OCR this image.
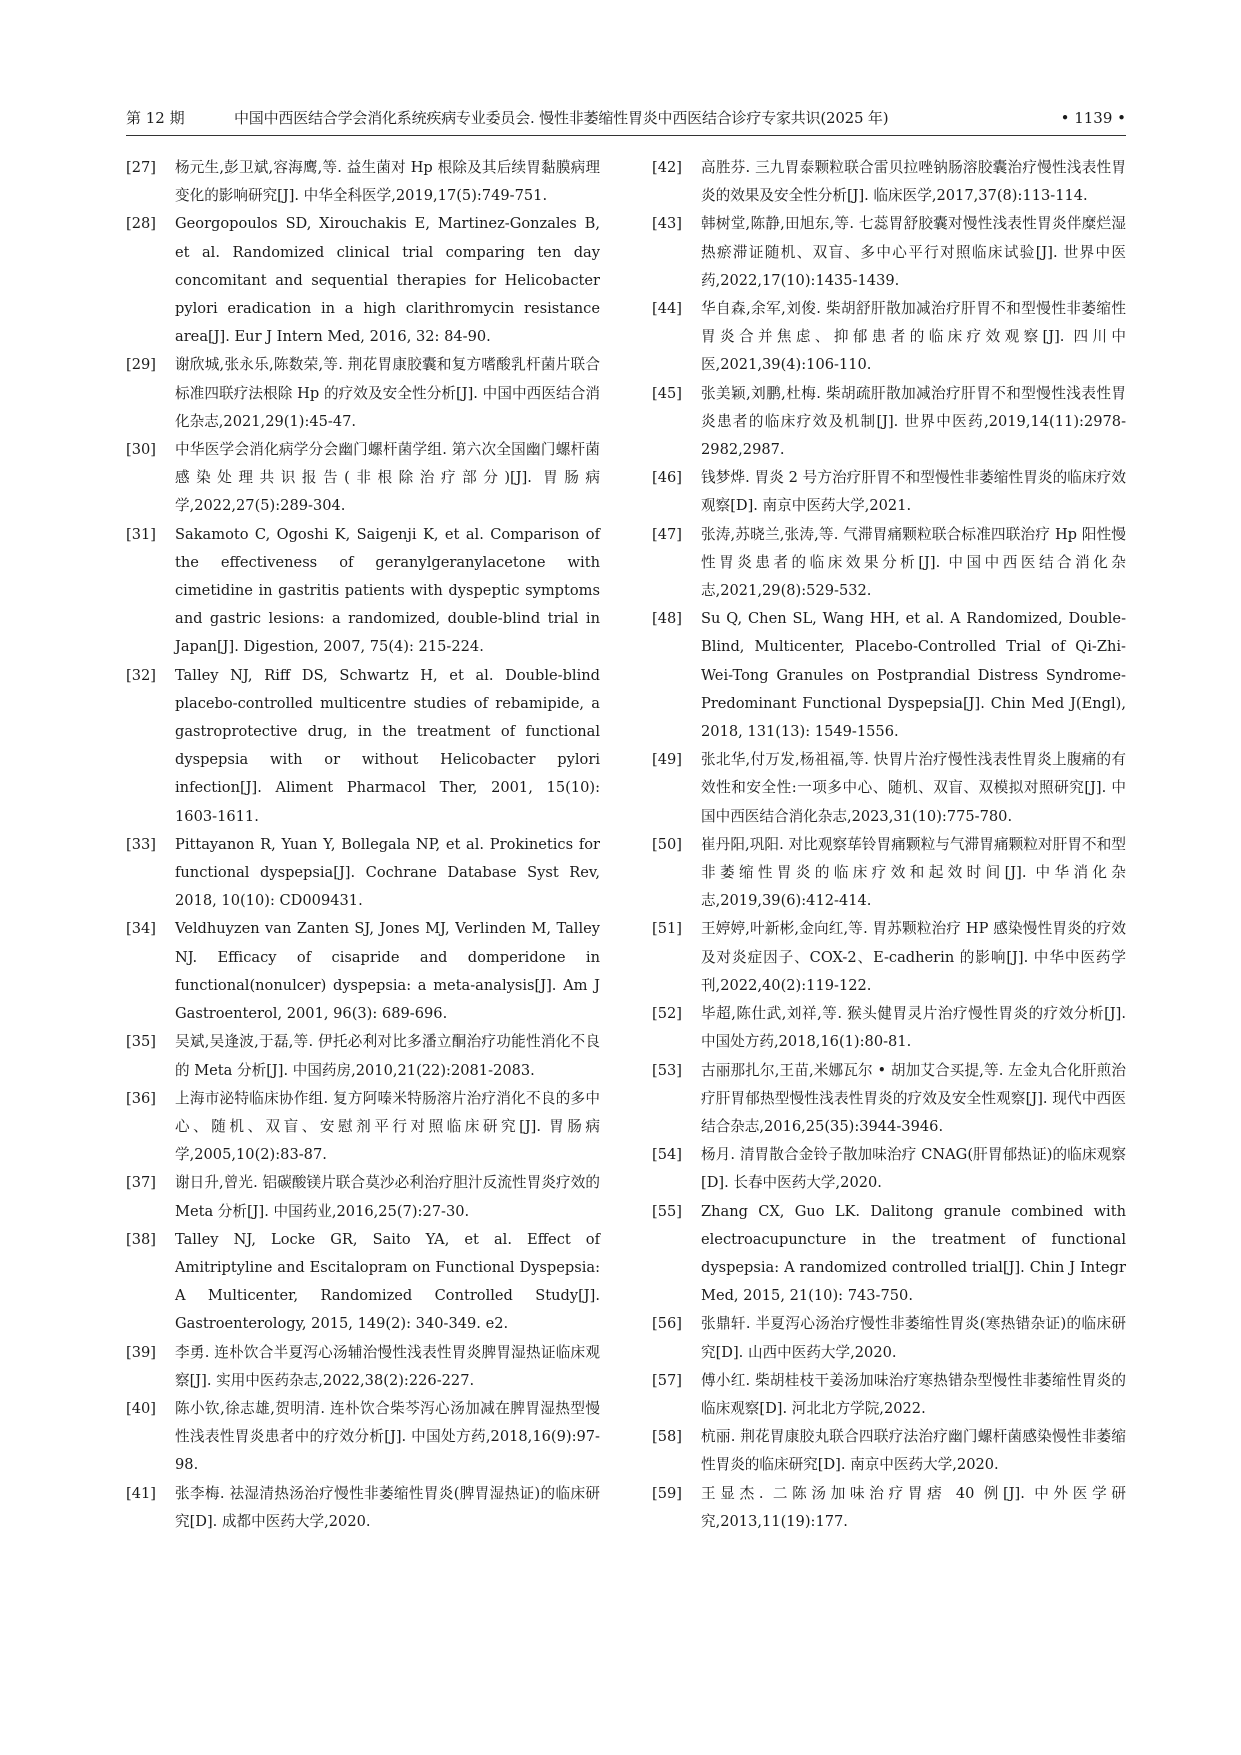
第 12 期	中国中西医结合学会消化系统疾病专业委员会. 慢性非萎缩性胃炎中西医结合诊疗专家共识(2025 年)	• 1139 •
[27] 杨元生,彭卫斌,容海鹰,等. 益生菌对 Hp 根除及其后续胃黏膜病理变化的影响研究[J]. 中华全科医学,2019,17(5):749-751.
[28] Georgopoulos SD, Xirouchakis E, Martinez-Gonzales B, et al. Randomized clinical trial comparing ten day concomitant and sequential therapies for Helicobacter pylori eradication in a high clarithromycin resistance area[J]. Eur J Intern Med, 2016, 32: 84-90.
[29] 谢欣城,张永乐,陈数荣,等. 荆花胃康胶囊和复方嗜酸乳杆菌片联合标准四联疗法根除 Hp 的疗效及安全性分析[J]. 中国中西医结合消化杂志,2021,29(1):45-47.
[30] 中华医学会消化病学分会幽门螺杆菌学组. 第六次全国幽门螺杆菌感染处理共识报告(非根除治疗部分)[J]. 胃肠病学,2022,27(5):289-304.
[31] Sakamoto C, Ogoshi K, Saigenji K, et al. Comparison of the effectiveness of geranylgeranylacetone with cimetidine in gastritis patients with dyspeptic symptoms and gastric lesions: a randomized, double-blind trial in Japan[J]. Digestion, 2007, 75(4): 215-224.
[32] Talley NJ, Riff DS, Schwartz H, et al. Double-blind placebo-controlled multicentre studies of rebamipide, a gastroprotective drug, in the treatment of functional dyspepsia with or without Helicobacter pylori infection[J]. Aliment Pharmacol Ther, 2001, 15(10): 1603-1611.
[33] Pittayanon R, Yuan Y, Bollegala NP, et al. Prokinetics for functional dyspepsia[J]. Cochrane Database Syst Rev, 2018, 10(10): CD009431.
[34] Veldhuyzen van Zanten SJ, Jones MJ, Verlinden M, Talley NJ. Efficacy of cisapride and domperidone in functional(nonulcer) dyspepsia: a meta-analysis[J]. Am J Gastroenterol, 2001, 96(3): 689-696.
[35] 吴斌,吴逢波,于磊,等. 伊托必利对比多潘立酮治疗功能性消化不良的 Meta 分析[J]. 中国药房,2010,21(22):2081-2083.
[36] 上海市泌特临床协作组. 复方阿嗪米特肠溶片治疗消化不良的多中心、随机、双盲、安慰剂平行对照临床研究[J]. 胃肠病学,2005,10(2):83-87.
[37] 谢日升,曾光. 铝碳酸镁片联合莫沙必利治疗胆汁反流性胃炎疗效的 Meta 分析[J]. 中国药业,2016,25(7):27-30.
[38] Talley NJ, Locke GR, Saito YA, et al. Effect of Amitriptyline and Escitalopram on Functional Dyspepsia: A Multicenter, Randomized Controlled Study[J]. Gastroenterology, 2015, 149(2): 340-349. e2.
[39] 李勇. 连朴饮合半夏泻心汤辅治慢性浅表性胃炎脾胃湿热证临床观察[J]. 实用中医药杂志,2022,38(2):226-227.
[40] 陈小钦,徐志雄,贺明清. 连朴饮合柴芩泻心汤加减在脾胃湿热型慢性浅表性胃炎患者中的疗效分析[J]. 中国处方药,2018,16(9):97-98.
[41] 张李梅. 祛湿清热汤治疗慢性非萎缩性胃炎(脾胃湿热证)的临床研究[D]. 成都中医药大学,2020.
[42] 高胜芬. 三九胃泰颗粒联合雷贝拉唑钠肠溶胶囊治疗慢性浅表性胃炎的效果及安全性分析[J]. 临床医学,2017,37(8):113-114.
[43] 韩树堂,陈静,田旭东,等. 七蕊胃舒胶囊对慢性浅表性胃炎伴糜烂湿热瘀滞证随机、双盲、多中心平行对照临床试验[J]. 世界中医药,2022,17(10):1435-1439.
[44] 华自森,余军,刘俊. 柴胡舒肝散加减治疗肝胃不和型慢性非萎缩性胃炎合并焦虑、抑郁患者的临床疗效观察[J]. 四川中医,2021,39(4):106-110.
[45] 张美颖,刘鹏,杜梅. 柴胡疏肝散加减治疗肝胃不和型慢性浅表性胃炎患者的临床疗效及机制[J]. 世界中医药,2019,14(11):2978-2982,2987.
[46] 钱梦烨. 胃炎 2 号方治疗肝胃不和型慢性非萎缩性胃炎的临床疗效观察[D]. 南京中医药大学,2021.
[47] 张涛,苏晓兰,张涛,等. 气滞胃痛颗粒联合标准四联治疗 Hp 阳性慢性胃炎患者的临床效果分析[J]. 中国中西医结合消化杂志,2021,29(8):529-532.
[48] Su Q, Chen SL, Wang HH, et al. A Randomized, Double-Blind, Multicenter, Placebo-Controlled Trial of Qi-Zhi-Wei-Tong Granules on Postprandial Distress Syndrome-Predominant Functional Dyspepsia[J]. Chin Med J(Engl), 2018, 131(13): 1549-1556.
[49] 张北华,付万发,杨祖福,等. 快胃片治疗慢性浅表性胃炎上腹痛的有效性和安全性:一项多中心、随机、双盲、双模拟对照研究[J]. 中国中西医结合消化杂志,2023,31(10):775-780.
[50] 崔丹阳,巩阳. 对比观察荜铃胃痛颗粒与气滞胃痛颗粒对肝胃不和型非萎缩性胃炎的临床疗效和起效时间[J]. 中华消化杂志,2019,39(6):412-414.
[51] 王婷婷,叶新彬,金向红,等. 胃苏颗粒治疗 HP 感染慢性胃炎的疗效及对炎症因子、COX-2、E-cadherin 的影响[J]. 中华中医药学刊,2022,40(2):119-122.
[52] 毕超,陈仕武,刘祥,等. 猴头健胃灵片治疗慢性胃炎的疗效分析[J]. 中国处方药,2018,16(1):80-81.
[53] 古丽那扎尔,王苗,米娜瓦尔 • 胡加艾合买提,等. 左金丸合化肝煎治疗肝胃郁热型慢性浅表性胃炎的疗效及安全性观察[J]. 现代中西医结合杂志,2016,25(35):3944-3946.
[54] 杨月. 清胃散合金铃子散加味治疗 CNAG(肝胃郁热证)的临床观察[D]. 长春中医药大学,2020.
[55] Zhang CX, Guo LK. Dalitong granule combined with electroacupuncture in the treatment of functional dyspepsia: A randomized controlled trial[J]. Chin J Integr Med, 2015, 21(10): 743-750.
[56] 张鼎轩. 半夏泻心汤治疗慢性非萎缩性胃炎(寒热错杂证)的临床研究[D]. 山西中医药大学,2020.
[57] 傅小红. 柴胡桂枝干姜汤加味治疗寒热错杂型慢性非萎缩性胃炎的临床观察[D]. 河北北方学院,2022.
[58] 杭丽. 荆花胃康胶丸联合四联疗法治疗幽门螺杆菌感染慢性非萎缩性胃炎的临床研究[D]. 南京中医药大学,2020.
[59] 王显杰. 二陈汤加味治疗胃痞 40 例[J]. 中外医学研究,2013,11(19):177.
